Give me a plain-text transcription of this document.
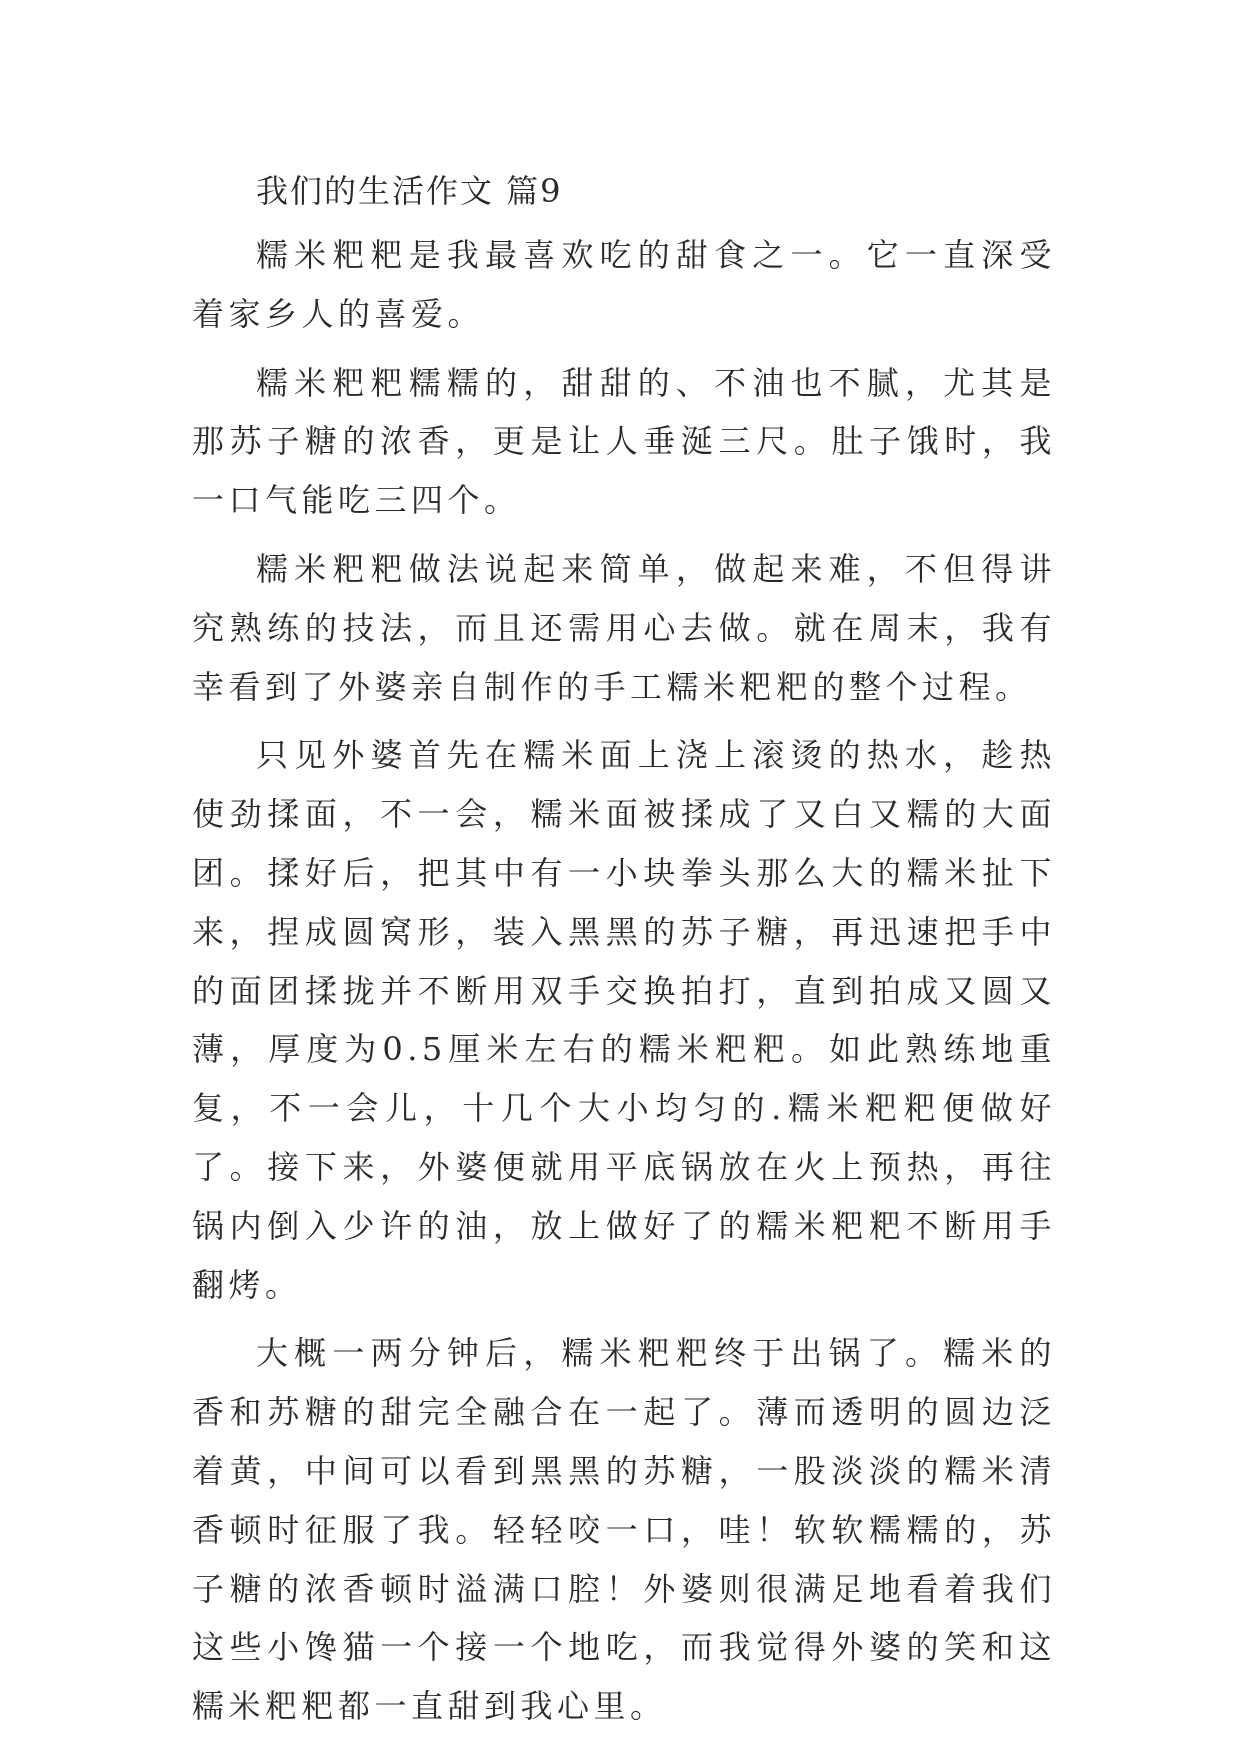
我们的生活作文 篇9

糯米粑粑是我最喜欢吃的甜食之一。它一直深受着家乡人的喜爱。

糯米粑粑糯糯的，甜甜的、不油也不腻，尤其是那苏子糖的浓香，更是让人垂涎三尺。肚子饿时，我一口气能吃三四个。

糯米粑粑做法说起来简单，做起来难，不但得讲究熟练的技法，而且还需用心去做。就在周末，我有幸看到了外婆亲自制作的手工糯米粑粑的整个过程。

只见外婆首先在糯米面上浇上滚烫的热水，趁热使劲揉面，不一会，糯米面被揉成了又白又糯的大面团。揉好后，把其中有一小块拳头那么大的糯米扯下来，捏成圆窝形，装入黑黑的苏子糖，再迅速把手中的面团揉拢并不断用双手交换拍打，直到拍成又圆又薄，厚度为0.5厘米左右的糯米粑粑。如此熟练地重复，不一会儿，十几个大小均匀的.糯米粑粑便做好了。接下来，外婆便就用平底锅放在火上预热，再往锅内倒入少许的油，放上做好了的糯米粑粑不断用手翻烤。

大概一两分钟后，糯米粑粑终于出锅了。糯米的香和苏糖的甜完全融合在一起了。薄而透明的圆边泛着黄，中间可以看到黑黑的苏糖，一股淡淡的糯米清香顿时征服了我。轻轻咬一口，哇！软软糯糯的，苏子糖的浓香顿时溢满口腔！外婆则很满足地看着我们这些小馋猫一个接一个地吃，而我觉得外婆的笑和这糯米粑粑都一直甜到我心里。
